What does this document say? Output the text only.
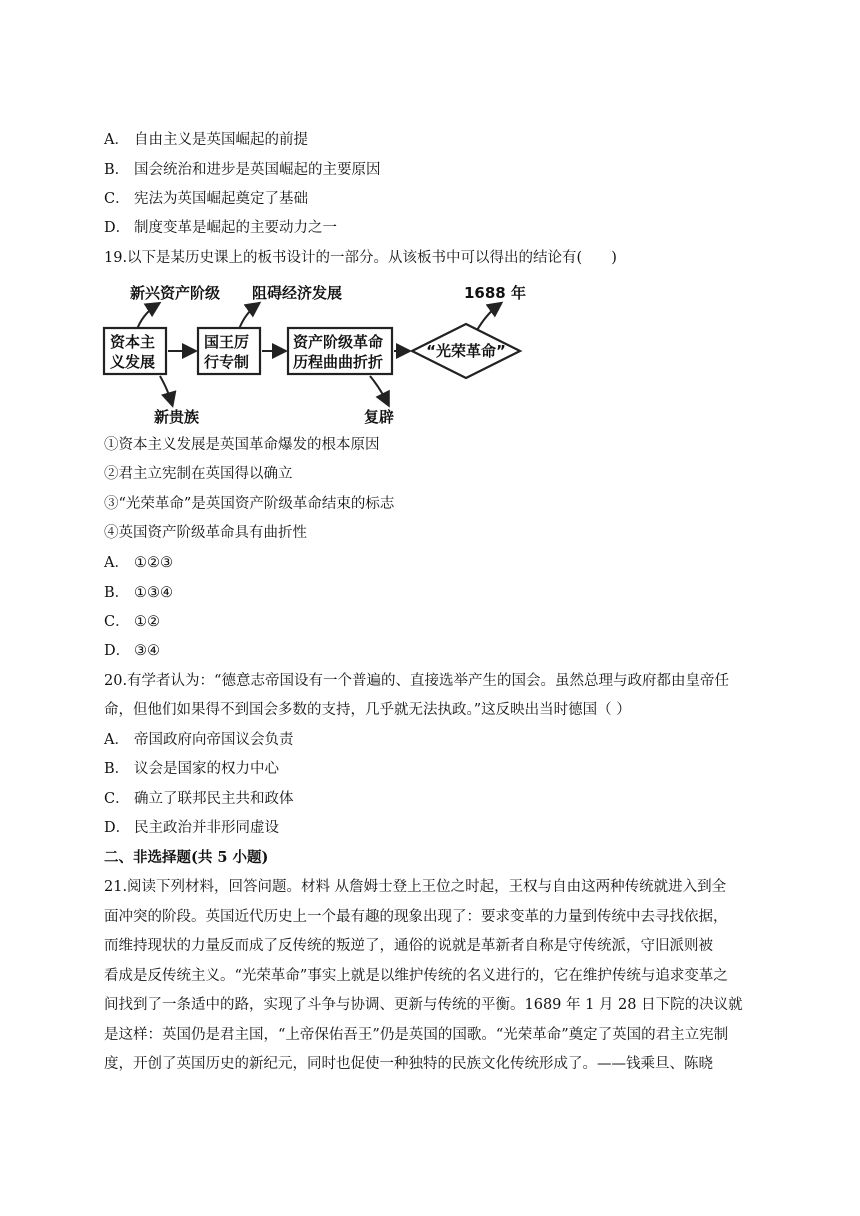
A． 自由主义是英国崛起的前提
B． 国会统治和进步是英国崛起的主要原因
C． 宪法为英国崛起奠定了基础
D． 制度变革是崛起的主要动力之一
19.以下是某历史课上的板书设计的一部分。从该板书中可以得出的结论有(　　)
新兴资产阶级 阻碍经济发展	1688 年
资本主
义发展
国王厉
行专制
资产阶级革命
历程曲曲折折
“光荣革命”
新贵族	复辟
①资本主义发展是英国革命爆发的根本原因
②君主立宪制在英国得以确立
③“光荣革命”是英国资产阶级革命结束的标志
④英国资产阶级革命具有曲折性
A． ①②③
B． ①③④
C． ①②
D． ③④
20.有学者认为：“德意志帝国设有一个普遍的、直接选举产生的国会。虽然总理与政府都由皇帝任
命，但他们如果得不到国会多数的支持，几乎就无法执政。”这反映出当时德国（ ）
A． 帝国政府向帝国议会负责
B． 议会是国家的权力中心
C． 确立了联邦民主共和政体
D． 民主政治并非形同虚设
二、非选择题(共 5 小题)
21.阅读下列材料，回答问题。材料 从詹姆士登上王位之时起，王权与自由这两种传统就进入到全
面冲突的阶段。英国近代历史上一个最有趣的现象出现了：要求变革的力量到传统中去寻找依据，
而维持现状的力量反而成了反传统的叛逆了，通俗的说就是革新者自称是守传统派，守旧派则被
看成是反传统主义。“光荣革命”事实上就是以维护传统的名义进行的，它在维护传统与追求变革之
间找到了一条适中的路，实现了斗争与协调、更新与传统的平衡。1689 年 1 月 28 日下院的决议就
是这样：英国仍是君主国，“上帝保佑吾王”仍是英国的国歌。“光荣革命”奠定了英国的君主立宪制
度，开创了英国历史的新纪元，同时也促使一种独特的民族文化传统形成了。——钱乘旦、陈晓
